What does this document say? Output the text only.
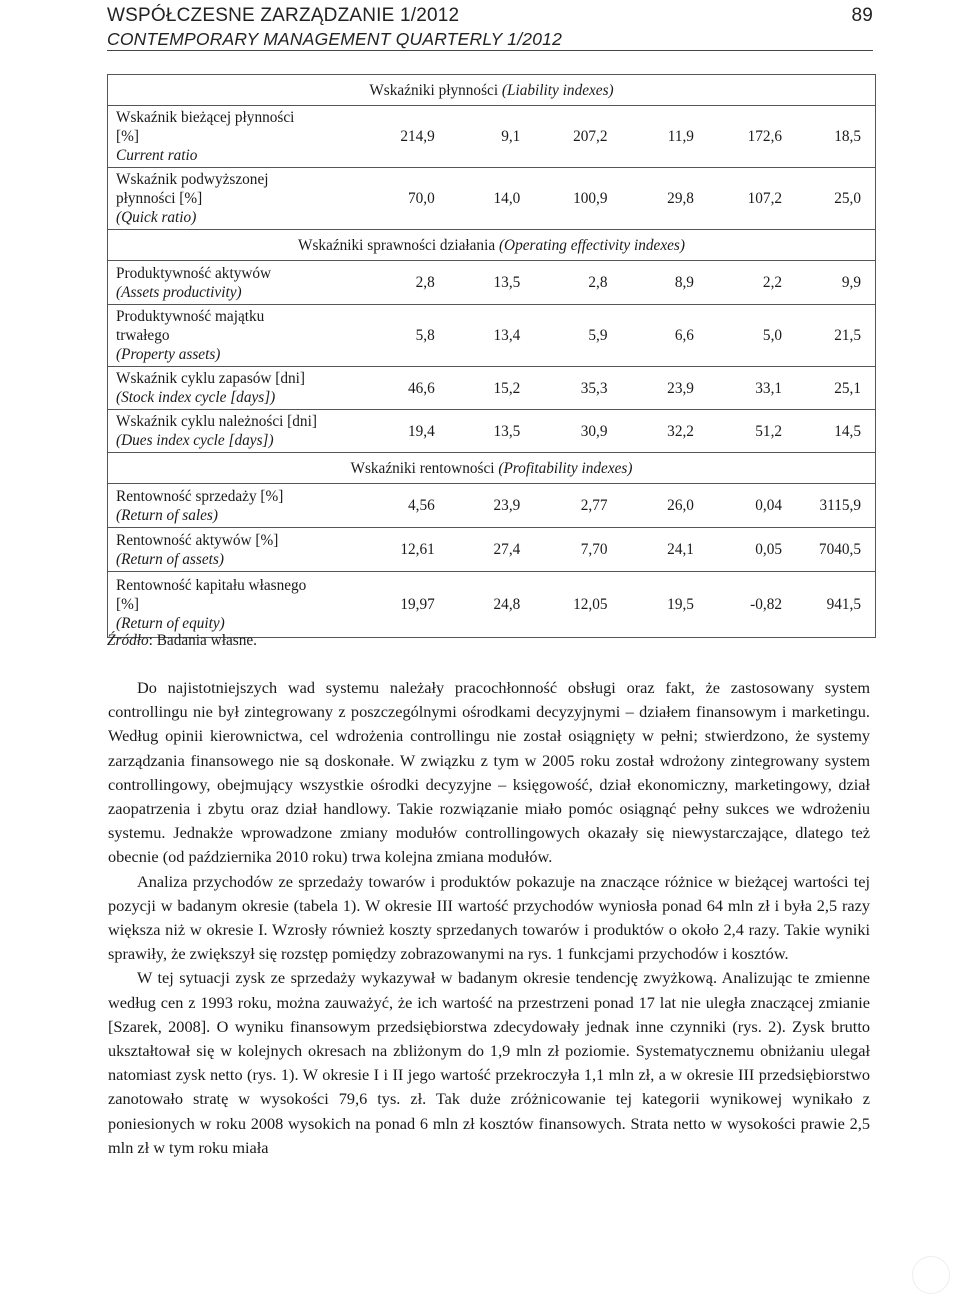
WSPÓŁCZESNE ZARZĄDZANIE 1/2012	89
CONTEMPORARY MANAGEMENT QUARTERLY 1/2012
Wskaźniki płynności (Liability indexes)						

Wskaźnik bieżącej płynności
[%]
Current ratio	214,9	9,1	207,2	11,9	172,6	18,5

Wskaźnik podwyższonej
płynności [%]
(Quick ratio)	70,0	14,0	100,9	29,8	107,2	25,0
Wskaźniki sprawności działania (Operating effectivity indexes)						

Produktywność aktywów
(Assets productivity)	2,8	13,5	2,8	8,9	2,2	9,9

Produktywność majątku
trwałego
(Property assets)	5,8	13,4	5,9	6,6	5,0	21,5

Wskaźnik cyklu zapasów [dni]
(Stock index cycle [days])	46,6	15,2	35,3	23,9	33,1	25,1

Wskaźnik cyklu należności [dni]
(Dues index cycle [days])	19,4	13,5	30,9	32,2	51,2	14,5
Wskaźniki rentowności (Profitability indexes)						

Rentowność sprzedaży [%]
(Return of sales)	4,56	23,9	2,77	26,0	0,04	3115,9

Rentowność aktywów [%]
(Return of assets)	12,61	27,4	7,70	24,1	0,05	7040,5

Rentowność kapitału własnego
[%]
(Return of equity)	19,97	24,8	12,05	19,5	-0,82	941,5
Źródło: Badania własne.

Do najistotniejszych wad systemu należały pracochłonność obsługi oraz fakt, że zastosowany system controllingu nie był zintegrowany z poszczególnymi ośrodkami decyzyjnymi – działem finansowym i marketingu. Według opinii kierownictwa, cel wdrożenia controllingu nie został osiągnięty w pełni; stwierdzono, że systemy zarządzania finansowego nie są doskonałe. W związku z tym w 2005 roku został wdrożony zintegrowany system controllingowy, obejmujący wszystkie ośrodki decyzyjne – księgowość, dział ekonomiczny, marketingowy, dział zaopatrzenia i zbytu oraz dział handlowy. Takie rozwiązanie miało pomóc osiągnąć pełny sukces we wdrożeniu systemu. Jednakże wprowadzone zmiany modułów controllingowych okazały się niewystarczające, dlatego też obecnie (od października 2010 roku) trwa kolejna zmiana modułów.

Analiza przychodów ze sprzedaży towarów i produktów pokazuje na znaczące różnice w bieżącej wartości tej pozycji w badanym okresie (tabela 1). W okresie III wartość przychodów wyniosła ponad 64 mln zł i była 2,5 razy większa niż w okresie I. Wzrosły również koszty sprzedanych towarów i produktów o około 2,4 razy. Takie wyniki sprawiły, że zwiększył się rozstęp pomiędzy zobrazowanymi na rys. 1 funkcjami przychodów i kosztów.

W tej sytuacji zysk ze sprzedaży wykazywał w badanym okresie tendencję zwyżkową. Analizując te zmienne według cen z 1993 roku, można zauważyć, że ich wartość na przestrzeni ponad 17 lat nie uległa znaczącej zmianie [Szarek, 2008]. O wyniku finansowym przedsiębiorstwa zdecydowały jednak inne czynniki (rys. 2). Zysk brutto ukształtował się w kolejnych okresach na zbliżonym do 1,9 mln zł poziomie. Systematycznemu obniżaniu ulegał natomiast zysk netto (rys. 1). W okresie I i II jego wartość przekroczyła 1,1 mln zł, a w okresie III przedsiębiorstwo zanotowało stratę w wysokości 79,6 tys. zł. Tak duże zróżnicowanie tej kategorii wynikowej wynikało z poniesionych w roku 2008 wysokich na ponad 6 mln zł kosztów finansowych. Strata netto w wysokości prawie 2,5 mln zł w tym roku miała
